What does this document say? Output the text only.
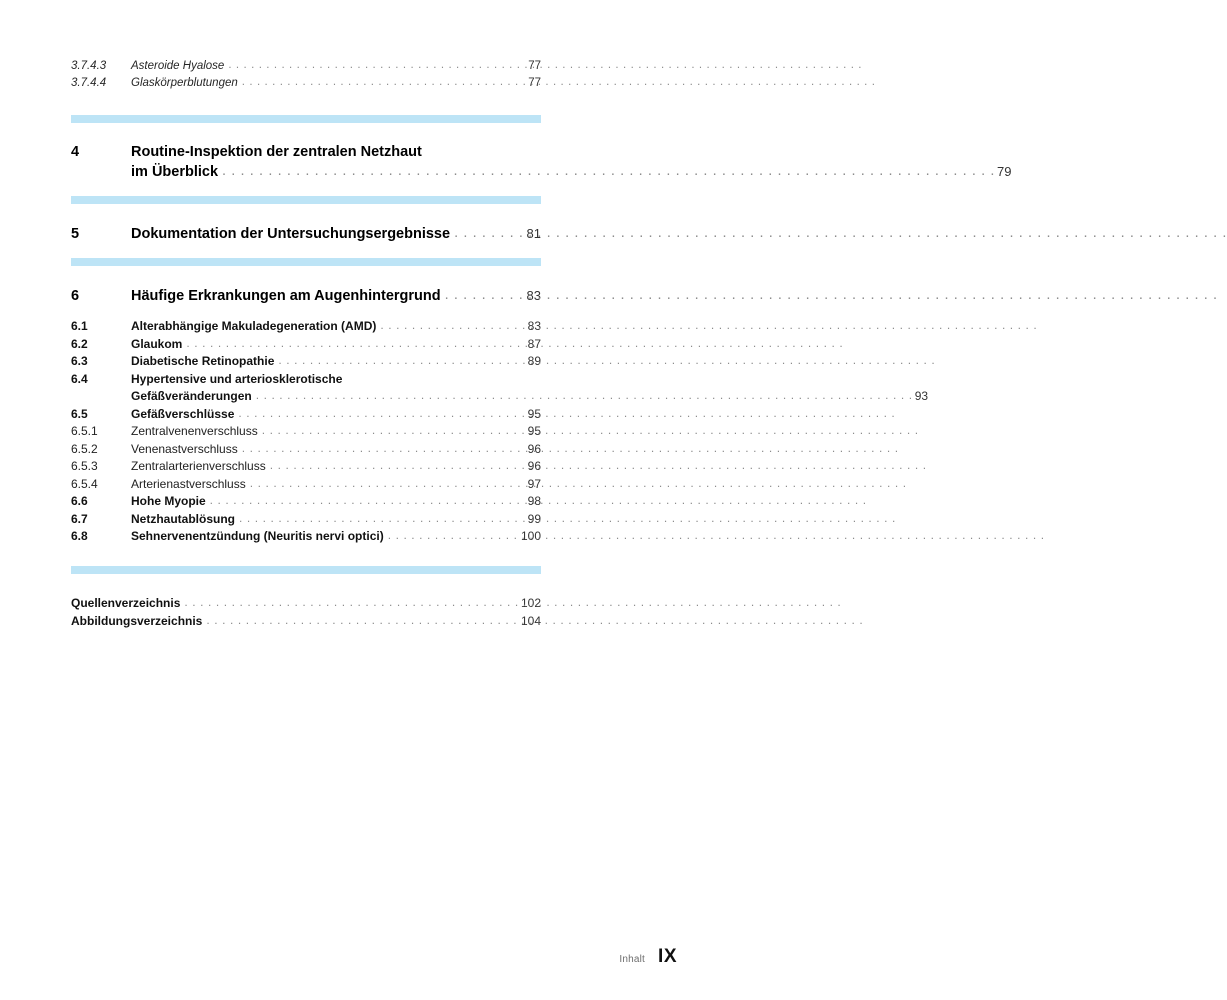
3.7.4.3	Asteroide Hyalose . . .	77
3.7.4.4	Glaskörperblutungen . . .	77
4	Routine-Inspektion der zentralen Netzhaut
im Überblick . . .	79
5	Dokumentation der Untersuchungsergebnisse . . .	81
6	Häufige Erkrankungen am Augenhintergrund . . .	83
6.1	Alterabhängige Makuladegeneration (AMD) . . .	83
6.2	Glaukom . . .	87
6.3	Diabetische Retinopathie . . .	89
6.4	Hypertensive und arteriosklerotische
Gefäßveränderungen . . .	93
6.5	Gefäßverschlüsse . . .	95
6.5.1	Zentralvenenverschluss . . .	95
6.5.2	Venenastverschluss . . .	96
6.5.3	Zentralarterienverschluss . . .	96
6.5.4	Arterienastverschluss . . .	97
6.6	Hohe Myopie . . .	98
6.7	Netzhautablösung . . .	99
6.8	Sehnervenentzündung (Neuritis nervi optici) . . .	100
Quellenverzeichnis . . .	102
Abbildungsverzeichnis . . .	104
Inhalt IX
